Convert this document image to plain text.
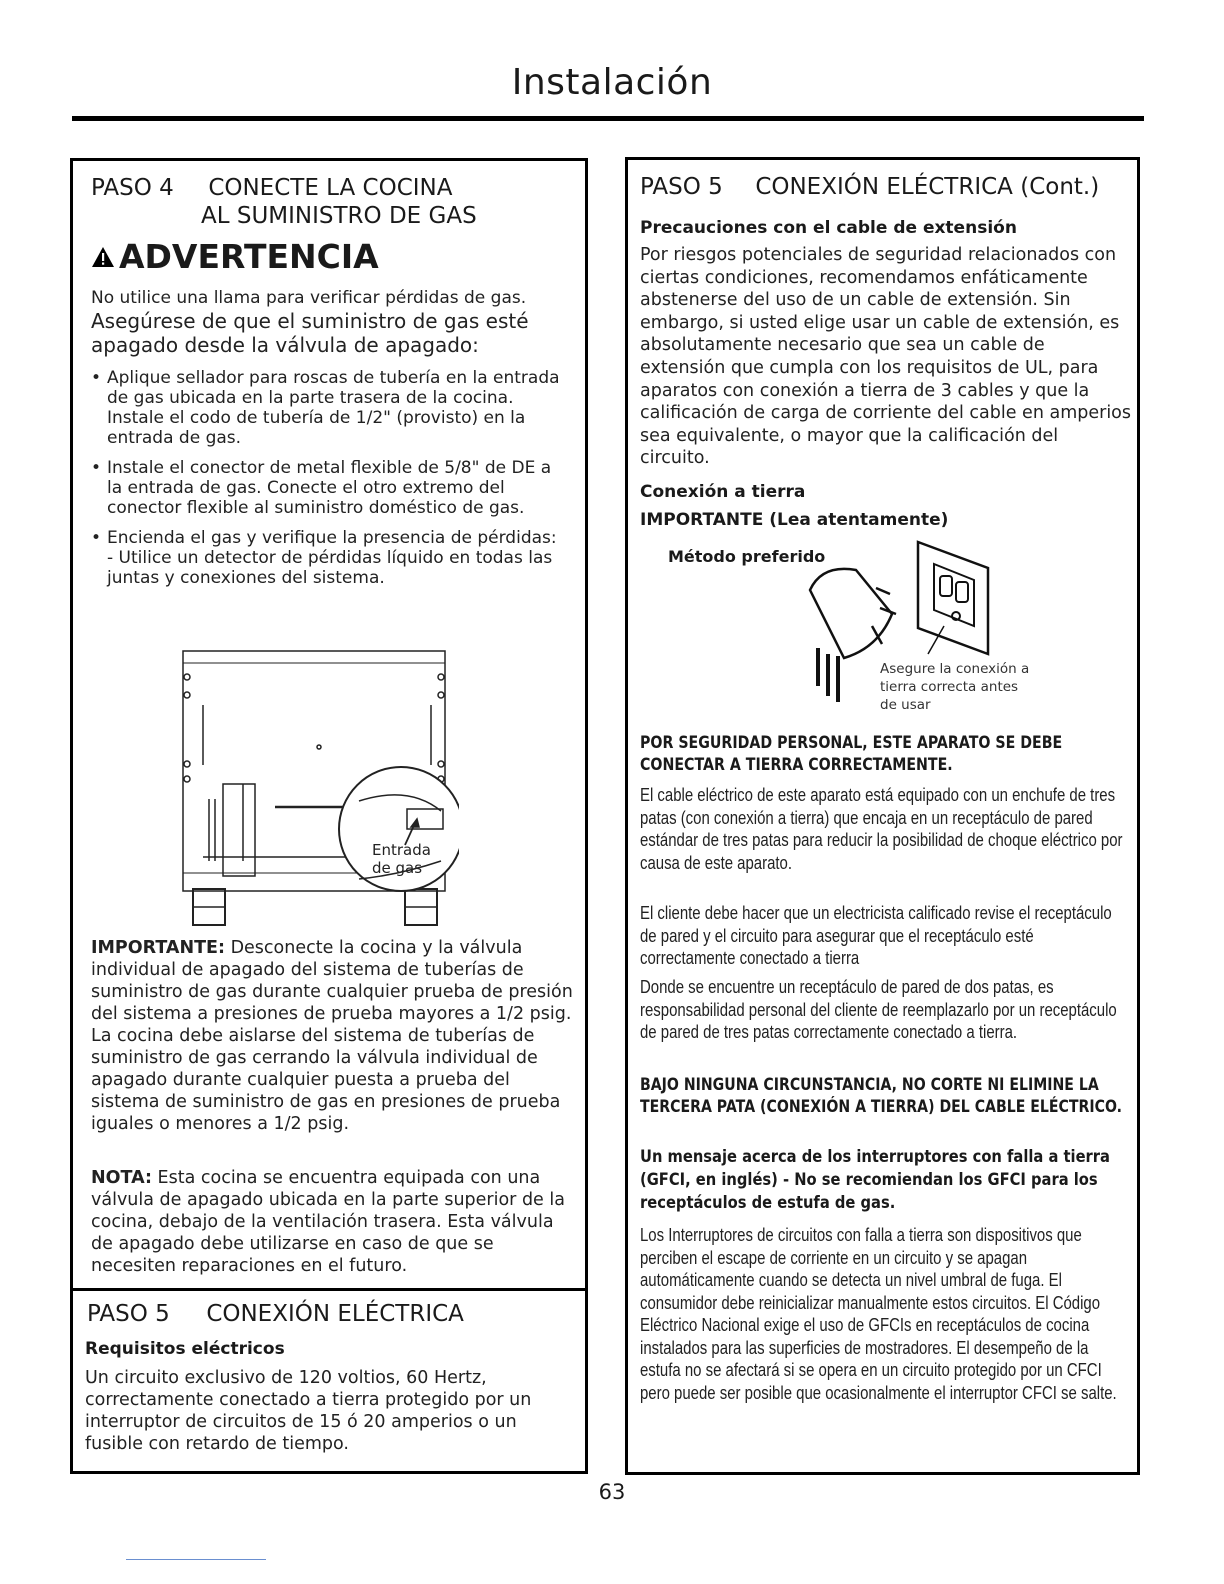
Instalación
PASO 4 CONECTE LA COCINA
AL SUMINISTRO DE GAS
ADVERTENCIA
No utilice una llama para verificar pérdidas de gas.
Asegúrese de que el suministro de gas esté apagado desde la válvula de apagado:
• Aplique sellador para roscas de tubería en la entrada de gas ubicada en la parte trasera de la cocina. Instale el codo de tubería de 1/2" (provisto) en la entrada de gas.
• Instale el conector de metal flexible de 5/8" de DE a la entrada de gas. Conecte el otro extremo del conector flexible al suministro doméstico de gas.
• Encienda el gas y verifique la presencia de pérdidas:
- Utilice un detector de pérdidas líquido en todas las juntas y conexiones del sistema.
Entrada
de gas
IMPORTANTE: Desconecte la cocina y la válvula individual de apagado del sistema de tuberías de suministro de gas durante cualquier prueba de presión del sistema a presiones de prueba mayores a 1/2 psig. La cocina debe aislarse del sistema de tuberías de suministro de gas cerrando la válvula individual de apagado durante cualquier puesta a prueba del sistema de suministro de gas en presiones de prueba iguales o menores a 1/2 psig.
NOTA: Esta cocina se encuentra equipada con una válvula de apagado ubicada en la parte superior de la cocina, debajo de la ventilación trasera. Esta válvula de apagado debe utilizarse en caso de que se necesiten reparaciones en el futuro.
PASO 5 CONEXIÓN ELÉCTRICA
Requisitos eléctricos
Un circuito exclusivo de 120 voltios, 60 Hertz, correctamente conectado a tierra protegido por un interruptor de circuitos de 15 ó 20 amperios o un fusible con retardo de tiempo.
PASO 5 CONEXIÓN ELÉCTRICA (Cont.)
Precauciones con el cable de extensión
Por riesgos potenciales de seguridad relacionados con ciertas condiciones, recomendamos enfáticamente abstenerse del uso de un cable de extensión. Sin embargo, si usted elige usar un cable de extensión, es absolutamente necesario que sea un cable de extensión que cumpla con los requisitos de UL, para aparatos con conexión a tierra de 3 cables y que la calificación de carga de corriente del cable en amperios sea equivalente, o mayor que la calificación del circuito.
Conexión a tierra
IMPORTANTE (Lea atentamente)
Método preferido
Asegure la conexión a
tierra correcta antes
de usar
POR SEGURIDAD PERSONAL, ESTE APARATO SE DEBE CONECTAR A TIERRA CORRECTAMENTE.
El cable eléctrico de este aparato está equipado con un enchufe de tres patas (con conexión a tierra) que encaja en un receptáculo de pared estándar de tres patas para reducir la posibilidad de choque eléctrico por causa de este aparato.
El cliente debe hacer que un electricista calificado revise el receptáculo de pared y el circuito para asegurar que el receptáculo esté correctamente conectado a tierra
Donde se encuentre un receptáculo de pared de dos patas, es responsabilidad personal del cliente de reemplazarlo por un receptáculo de pared de tres patas correctamente conectado a tierra.
BAJO NINGUNA CIRCUNSTANCIA, NO CORTE NI ELIMINE LA TERCERA PATA (CONEXIÓN A TIERRA) DEL CABLE ELÉCTRICO.
Un mensaje acerca de los interruptores con falla a tierra (GFCI, en inglés) - No se recomiendan los GFCI para los receptáculos de estufa de gas.
Los Interruptores de circuitos con falla a tierra son dispositivos que perciben el escape de corriente en un circuito y se apagan automáticamente cuando se detecta un nivel umbral de fuga. El consumidor debe reinicializar manualmente estos circuitos. El Código Eléctrico Nacional exige el uso de GFCIs en receptáculos de cocina instalados para las superficies de mostradores. El desempeño de la estufa no se afectará si se opera en un circuito protegido por un CFCI pero puede ser posible que ocasionalmente el interruptor CFCI se salte.
63
